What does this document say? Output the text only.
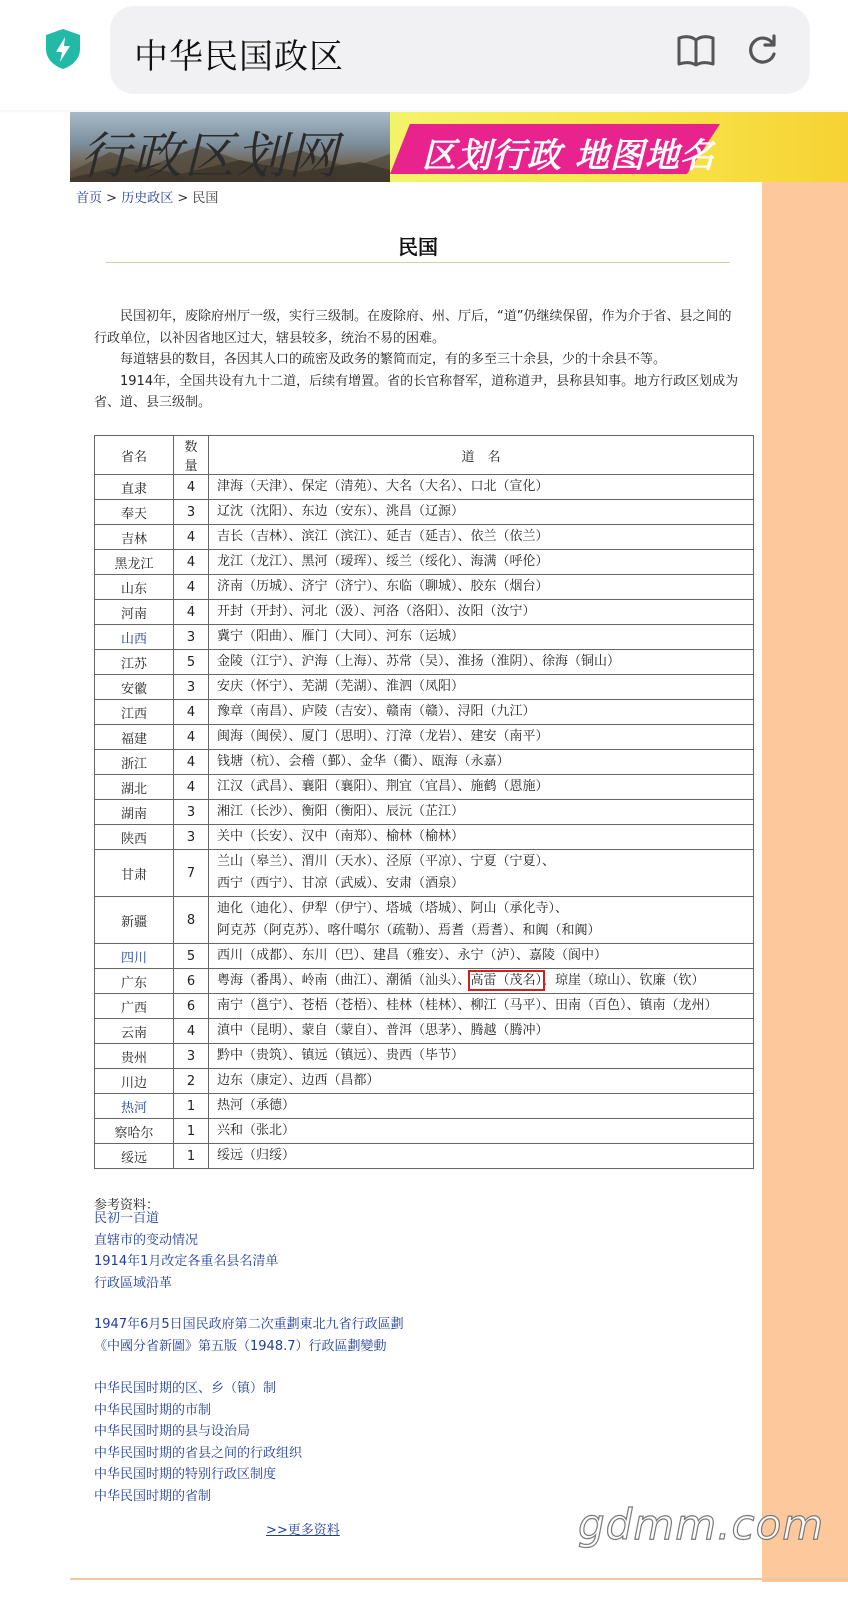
中华民国政区
行政区划网 区划行政 地图地名
首页 > 历史政区 > 民国
民国

民国初年，废除府州厅一级，实行三级制。在废除府、州、厅后，“道”仍继续保留，作为介于省、县之间的行政单位，以补因省地区过大，辖县较多，统治不易的困难。

每道辖县的数目，各因其人口的疏密及政务的繁简而定，有的多至三十余县，少的十余县不等。

1914年，全国共设有九十二道，后续有增置。省的长官称督军，道称道尹，县称县知事。地方行政区划成为省、道、县三级制。

省名	数量	道　名
直隶	4	津海（天津）、保定（清苑）、大名（大名）、口北（宣化）

奉天	3	辽沈（沈阳）、东边（安东）、洮昌（辽源）

吉林	4	吉长（吉林）、滨江（滨江）、延吉（延吉）、依兰（依兰）

黑龙江	4	龙江（龙江）、黑河（瑷珲）、绥兰（绥化）、海满（呼伦）

山东	4	济南（历城）、济宁（济宁）、东临（聊城）、胶东（烟台）

河南	4	开封（开封）、河北（汲）、河洛（洛阳）、汝阳（汝宁）

山西	3	冀宁（阳曲）、雁门（大同）、河东（运城）

江苏	5	金陵（江宁）、沪海（上海）、苏常（吴）、淮扬（淮阴）、徐海（铜山）

安徽	3	安庆（怀宁）、芜湖（芜湖）、淮泗（凤阳）

江西	4	豫章（南昌）、庐陵（吉安）、赣南（赣）、浔阳（九江）

福建	4	闽海（闽侯）、厦门（思明）、汀漳（龙岩）、建安（南平）

浙江	4	钱塘（杭）、会稽（鄞）、金华（衢）、瓯海（永嘉）

湖北	4	江汉（武昌）、襄阳（襄阳）、荆宜（宜昌）、施鹤（恩施）

湖南	3	湘江（长沙）、衡阳（衡阳）、辰沅（芷江）

陕西	3	关中（长安）、汉中（南郑）、榆林（榆林）

甘肃	7	兰山（皋兰）、渭川（天水）、泾原（平凉）、宁夏（宁夏）、
西宁（西宁）、甘凉（武威）、安肃（酒泉）

新疆	8	迪化（迪化）、伊犁（伊宁）、塔城（塔城）、阿山（承化寺）、
阿克苏（阿克苏）、喀什噶尔（疏勒）、焉耆（焉耆）、和阗（和阗）

四川	5	西川（成都）、东川（巴）、建昌（雅安）、永宁（泸）、嘉陵（阆中）

广东	6	粤海（番禺）、岭南（曲江）、潮循（汕头）、高雷（茂名）、琼崖（琼山）、钦廉（钦）
广西	6	南宁（邕宁）、苍梧（苍梧）、桂林（桂林）、柳江（马平）、田南（百色）、镇南（龙州）

云南	4	滇中（昆明）、蒙自（蒙自）、普洱（思茅）、腾越（腾冲）

贵州	3	黔中（贵筑）、镇远（镇远）、贵西（毕节）

川边	2	边东（康定）、边西（昌都）

热河	1	热河（承德）

察哈尔	1	兴和（张北）

绥远	1	绥远（归绥）
参考资料：
民初一百道
直辖市的变动情况
1914年1月改定各重名县名清单
行政區域沿革
1947年6月5日国民政府第二次重劃東北九省行政區劃
《中國分省新圖》第五版（1948.7）行政區劃變動
中华民国时期的区、乡（镇）制
中华民国时期的市制
中华民国时期的县与设治局
中华民国时期的省县之间的行政组织
中华民国时期的特别行政区制度
中华民国时期的省制
>>更多资料	gdmm.com
